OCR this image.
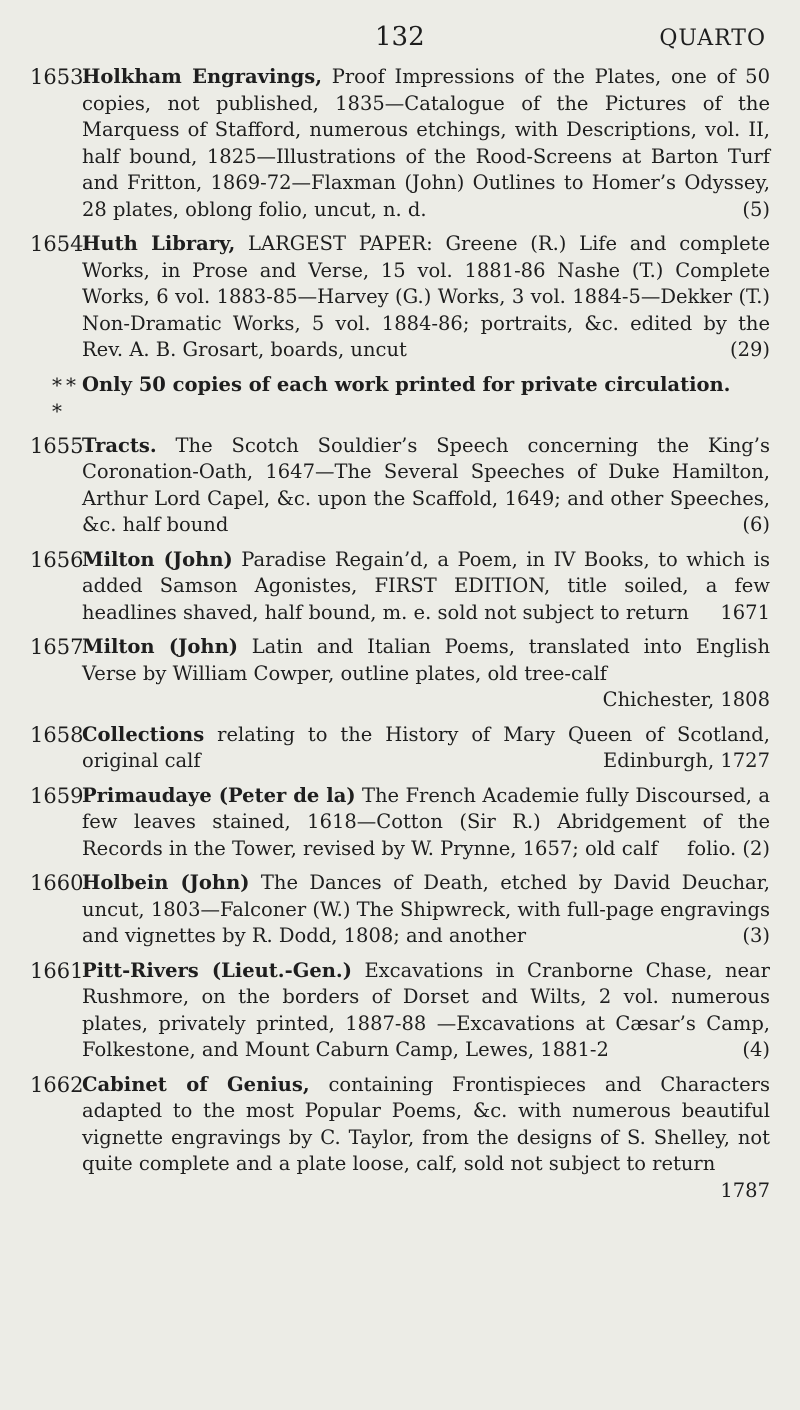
132	QUARTO
1653
Holkham Engravings, Proof Impressions of the Plates, one of 50 copies, not published, 1835—Catalogue of the Pictures of the Marquess of Stafford, numerous etchings, with Descriptions, vol. II, half bound, 1825—Illustrations of the Rood-Screens at Barton Turf and Fritton, 1869-72—Flaxman (John) Outlines to Homer’s Odyssey, 28 plates, oblong folio, uncut, n. d.	(5)
1654
Huth Library, LARGEST PAPER: Greene (R.) Life and complete Works, in Prose and Verse, 15 vol. 1881-86 Nashe (T.) Complete Works, 6 vol. 1883-85—Harvey (G.) Works, 3 vol. 1884-5—Dekker (T.) Non-Dramatic Works, 5 vol. 1884-86; portraits, &c. edited by the Rev. A. B. Grosart, boards, uncut	(29)
* * *
Only 50 copies of each work printed for private circulation.
1655
Tracts. The Scotch Souldier’s Speech concerning the King’s Coronation-Oath, 1647—The Several Speeches of Duke Hamilton, Arthur Lord Capel, &c. upon the Scaffold, 1649; and other Speeches, &c. half bound	(6)
1656
Milton (John) Paradise Regain’d, a Poem, in IV Books, to which is added Samson Agonistes, FIRST EDITION, title soiled, a few headlines shaved, half bound, m. e. sold not subject to return	1671
1657
Milton (John) Latin and Italian Poems, translated into English Verse by William Cowper, outline plates, old tree-calf
Chichester, 1808
1658
Collections relating to the History of Mary Queen of Scotland, original calf	Edinburgh, 1727
1659
Primaudaye (Peter de la) The French Academie fully Discoursed, a few leaves stained, 1618—Cotton (Sir R.) Abridgement of the Records in the Tower, revised by W. Prynne, 1657; old calf	folio. (2)
1660
Holbein (John) The Dances of Death, etched by David Deuchar, uncut, 1803—Falconer (W.) The Shipwreck, with full-page engravings and vignettes by R. Dodd, 1808; and another	(3)
1661
Pitt-Rivers (Lieut.-Gen.) Excavations in Cranborne Chase, near Rushmore, on the borders of Dorset and Wilts, 2 vol. numerous plates, privately printed, 1887-88 —Excavations at Cæsar’s Camp, Folkestone, and Mount Caburn Camp, Lewes, 1881-2	(4)
1662
Cabinet of Genius, containing Frontispieces and Characters adapted to the most Popular Poems, &c. with numerous beautiful vignette engravings by C. Taylor, from the designs of S. Shelley, not quite complete and a plate loose, calf, sold not subject to return
1787
